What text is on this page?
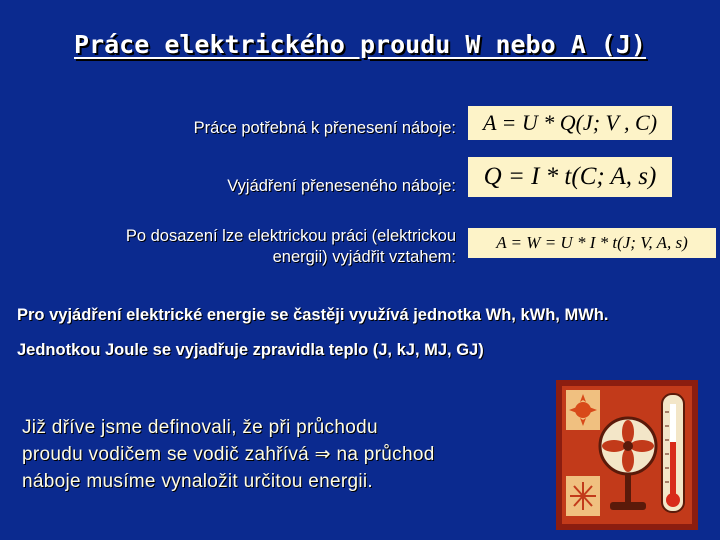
Práce elektrického proudu W nebo A (J)
Práce potřebná k přenesení náboje:	A = U * Q(J; V , C)
Vyjádření přeneseného náboje:	Q = I * t(C; A, s)
Po dosazení lze elektrickou práci (elektrickou
energii) vyjádřit vztahem:
A = W = U * I * t(J; V, A, s)
Pro vyjádření elektrické energie se častěji využívá jednotka Wh, kWh, MWh.
Jednotkou Joule se vyjadřuje zpravidla teplo (J, kJ, MJ, GJ)
Již dříve jsme definovali, že při průchodu
proudu vodičem se vodič zahřívá ⇒ na průchod
náboje musíme vynaložit určitou energii.
